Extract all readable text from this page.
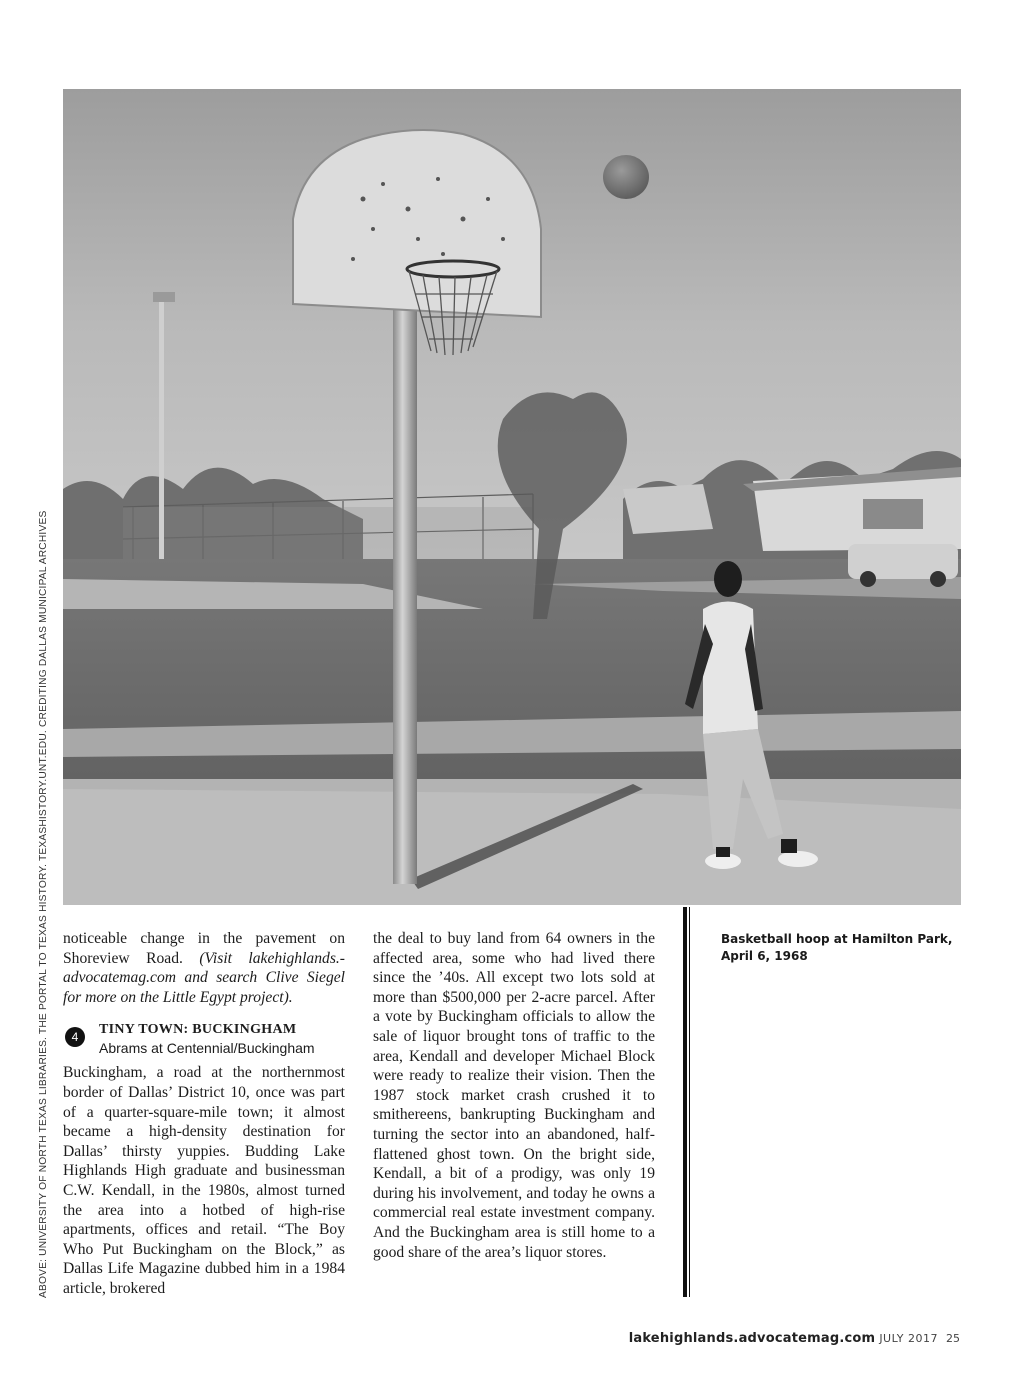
ABOVE: UNIVERSITY OF NORTH TEXAS LIBRARIES. THE PORTAL TO TEXAS HISTORY. TEXASHISTORY.UNT.EDU. CREDITING DALLAS MUNICIPAL ARCHIVES noticeable change in the pavement on Shoreview Road. (Visit lakehighlands.advocatemag.com and search Clive Siegel for more on the Little Egypt project).

4	TINY TOWN: BUCKINGHAM
Abrams at Centennial/Buckingham

Buckingham, a road at the northernmost border of Dallas’ District 10, once was part of a quarter-square-mile town; it almost became a high-density destination for Dallas’ thirsty yuppies. Budding Lake Highlands High graduate and businessman C.W. Kendall, in the 1980s, almost turned the area into a hotbed of high-rise apartments, offices and retail. “The Boy Who Put Buckingham on the Block,” as Dallas Life Magazine dubbed him in a 1984 article, brokered

the deal to buy land from 64 owners in the affected area, some who had lived there since the ’40s. All except two lots sold at more than $500,000 per 2-acre parcel. After a vote by Buckingham officials to allow the sale of liquor brought tons of traffic to the area, Kendall and developer Michael Block were ready to realize their vision. Then the 1987 stock market crash crushed it to smithereens, bankrupting Buckingham and turning the sector into an abandoned, half-flattened ghost town. On the bright side, Kendall, a bit of a prodigy, was only 19 during his involvement, and today he owns a commercial real estate investment company. And the Buckingham area is still home to a good share of the area’s liquor stores.

Basketball hoop at Hamilton Park, April 6, 1968
lakehighlands.advocatemag.com JULY 2017 25
